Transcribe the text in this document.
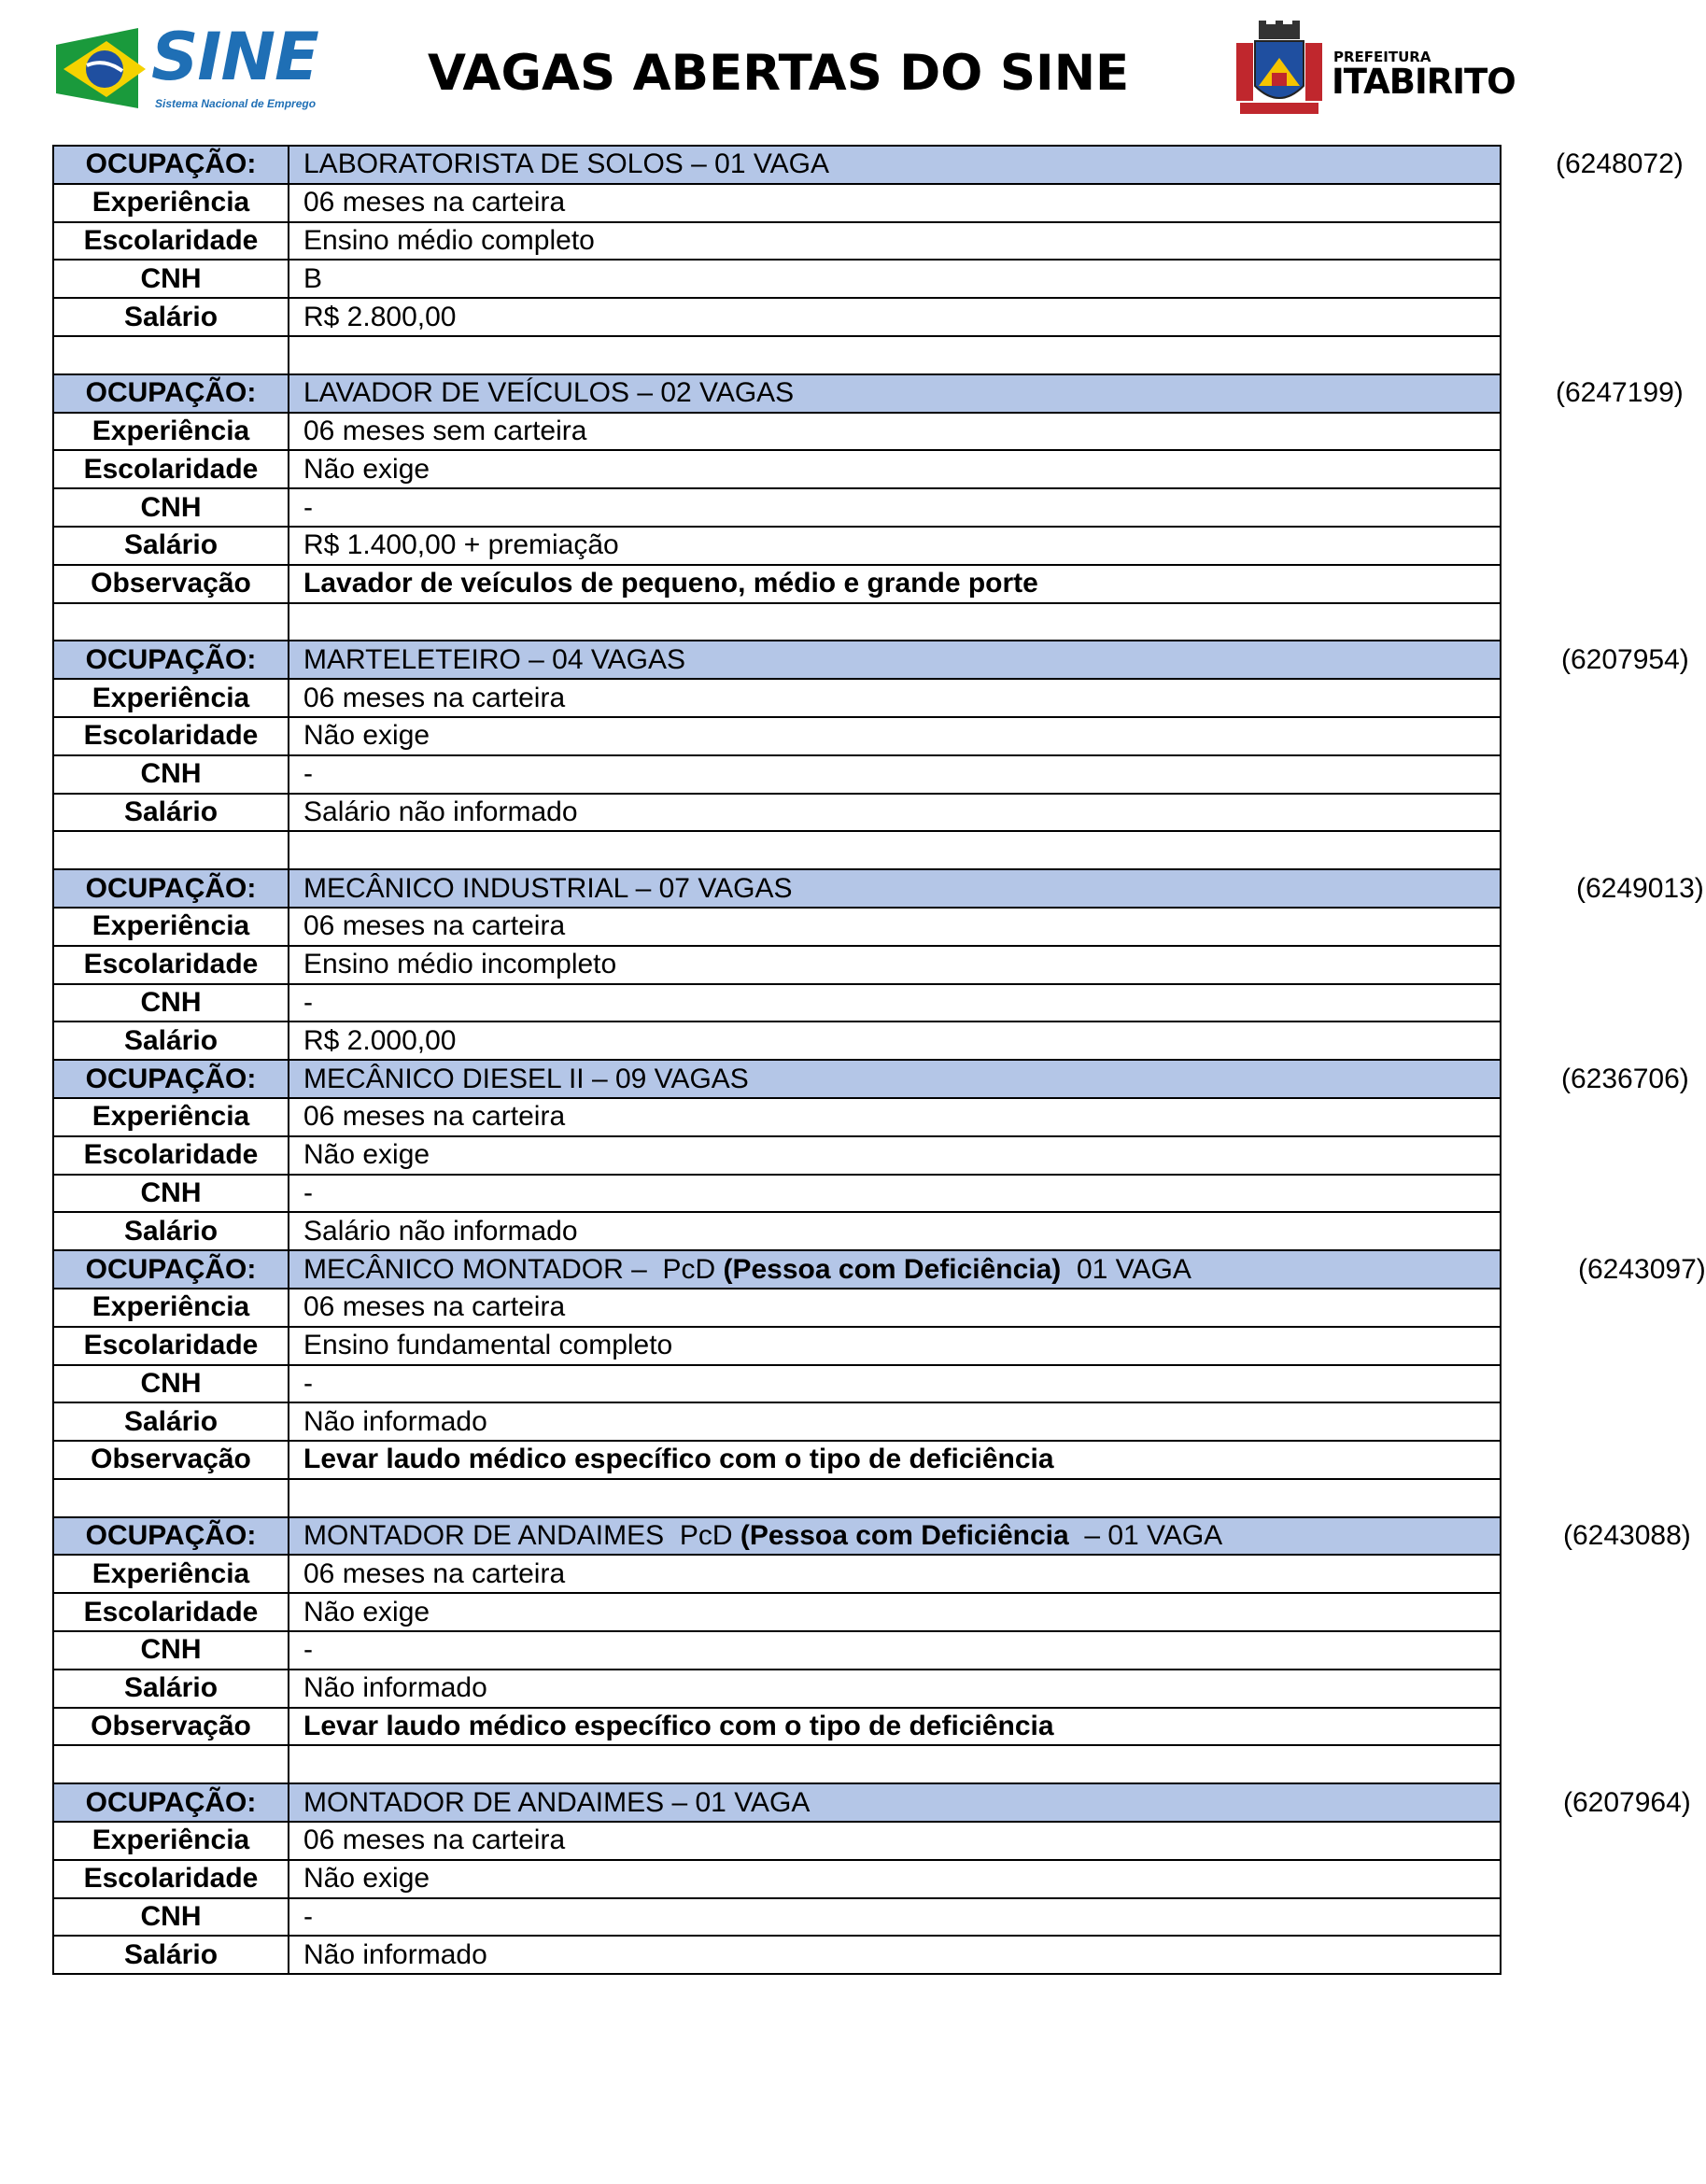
SINE
Sistema Nacional de Emprego
VAGAS ABERTAS DO SINE	PREFEITURA
ITABIRITO
OCUPAÇÃO:	LABORATORISTA DE SOLOS – 01 VAGA (6248072)

Experiência	06 meses na carteira
Escolaridade	Ensino médio completo
CNH	B
Salário	R$ 2.800,00

OCUPAÇÃO:	LAVADOR DE VEÍCULOS – 02 VAGAS (6247199)

Experiência	06 meses sem carteira
Escolaridade	Não exige
CNH	-
Salário	R$ 1.400,00 + premiação
Observação	Lavador de veículos de pequeno, médio e grande porte

OCUPAÇÃO:	MARTELETEIRO – 04 VAGAS (6207954)

Experiência	06 meses na carteira
Escolaridade	Não exige
CNH	-
Salário	Salário não informado

OCUPAÇÃO:	MECÂNICO INDUSTRIAL – 07 VAGAS (6249013)

Experiência	06 meses na carteira
Escolaridade	Ensino médio incompleto
CNH	-
Salário	R$ 2.000,00
OCUPAÇÃO:	MECÂNICO DIESEL II – 09 VAGAS (6236706)

Experiência	06 meses na carteira
Escolaridade	Não exige
CNH	-
Salário	Salário não informado
OCUPAÇÃO:	MECÂNICO MONTADOR –  PcD (Pessoa com Deficiência)  01 VAGA (6243097)

Experiência	06 meses na carteira
Escolaridade	Ensino fundamental completo
CNH	-
Salário	Não informado
Observação	Levar laudo médico específico com o tipo de deficiência

OCUPAÇÃO:	MONTADOR DE ANDAIMES  PcD (Pessoa com Deficiência  – 01 VAGA (6243088)

Experiência	06 meses na carteira
Escolaridade	Não exige
CNH	-
Salário	Não informado
Observação	Levar laudo médico específico com o tipo de deficiência

OCUPAÇÃO:	MONTADOR DE ANDAIMES – 01 VAGA (6207964)

Experiência	06 meses na carteira
Escolaridade	Não exige
CNH	-
Salário	Não informado
